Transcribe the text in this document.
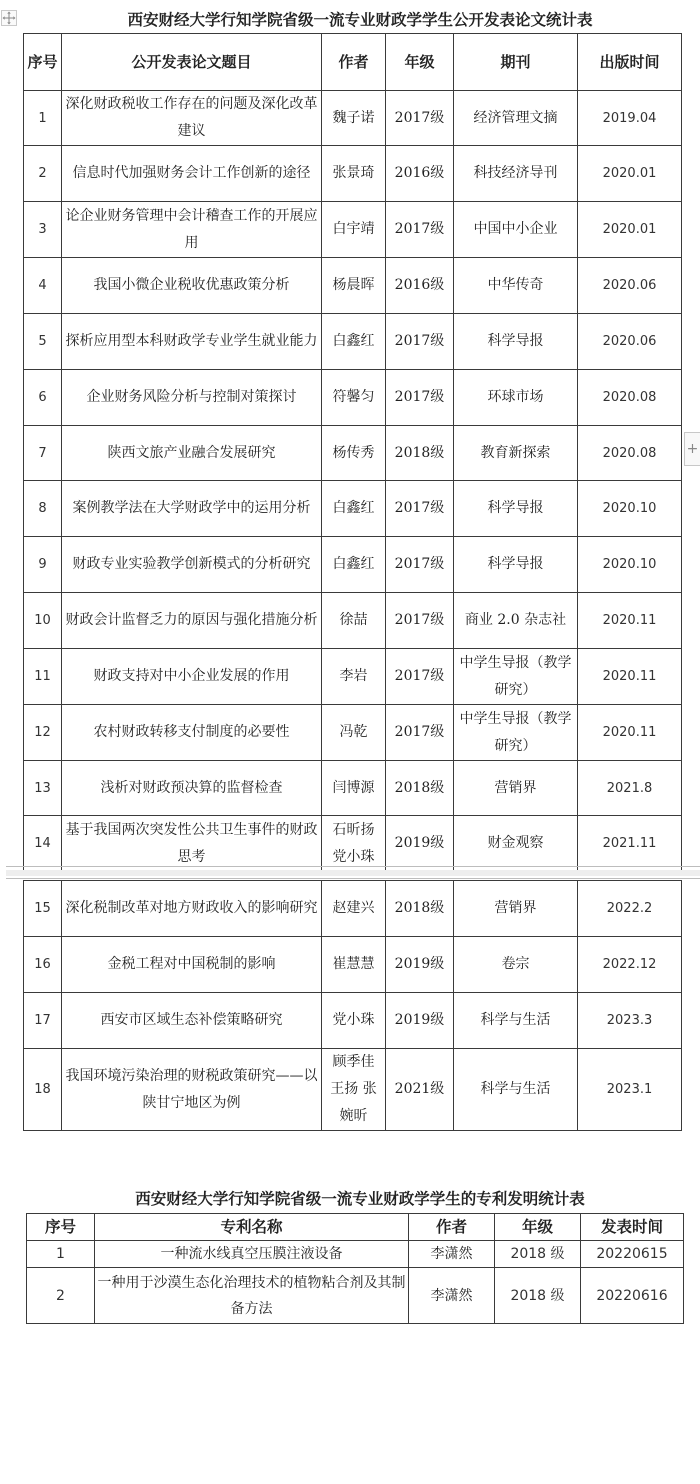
西安财经大学行知学院省级一流专业财政学学生公开发表论文统计表
序号	公开发表论文题目	作者	年级	期刊	出版时间
1	深化财政税收工作存在的问题及深化改革建议	魏子诺	2017级	经济管理文摘	2019.04
2	信息时代加强财务会计工作创新的途径	张景琦	2016级	科技经济导刊	2020.01
3	论企业财务管理中会计稽查工作的开展应用	白宇靖	2017级	中国中小企业	2020.01
4	我国小微企业税收优惠政策分析	杨晨晖	2016级	中华传奇	2020.06
5	探析应用型本科财政学专业学生就业能力	白鑫红	2017级	科学导报	2020.06
6	企业财务风险分析与控制对策探讨	符馨匀	2017级	环球市场	2020.08
7	陕西文旅产业融合发展研究	杨传秀	2018级	教育新探索	2020.08
8	案例教学法在大学财政学中的运用分析	白鑫红	2017级	科学导报	2020.10
9	财政专业实验教学创新模式的分析研究	白鑫红	2017级	科学导报	2020.10
10	财政会计监督乏力的原因与强化措施分析	徐喆	2017级	商业 2.0 杂志社	2020.11
11	财政支持对中小企业发展的作用	李岩	2017级	中学生导报（教学研究）	2020.11
12	农村财政转移支付制度的必要性	冯乾	2017级	中学生导报（教学研究）	2020.11
13	浅析对财政预决算的监督检查	闫博源	2018级	营销界	2021.8
14	基于我国两次突发性公共卫生事件的财政思考	石昕扬 党小珠	2019级	财金观察	2021.11
15	深化税制改革对地方财政收入的影响研究	赵建兴	2018级	营销界	2022.2
16	金税工程对中国税制的影响	崔慧慧	2019级	卷宗	2022.12
17	西安市区域生态补偿策略研究	党小珠	2019级	科学与生活	2023.3
18	我国环境污染治理的财税政策研究——以陕甘宁地区为例	顾季佳 王扬 张婉昕	2021级	科学与生活	2023.1
+
西安财经大学行知学院省级一流专业财政学学生的专利发明统计表
序号	专利名称	作者	年级	发表时间
1	一种流水线真空压膜注液设备	李潇然	2018 级	20220615
2	一种用于沙漠生态化治理技术的植物粘合剂及其制备方法	李潇然	2018 级	20220616
